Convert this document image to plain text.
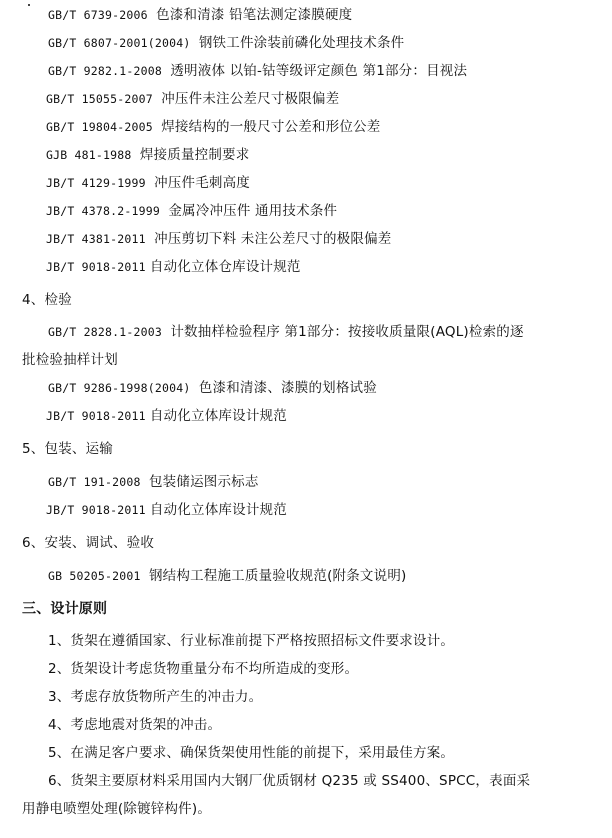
GB/T 6739-2006 色漆和清漆 铅笔法测定漆膜硬度
GB/T 6807-2001(2004) 钢铁工件涂装前磷化处理技术条件
GB/T 9282.1-2008 透明液体 以铂-钴等级评定颜色 第1部分：目视法
GB/T 15055-2007 冲压件未注公差尺寸极限偏差
GB/T 19804-2005 焊接结构的一般尺寸公差和形位公差
GJB 481-1988 焊接质量控制要求
JB/T 4129-1999 冲压件毛刺高度
JB/T 4378.2-1999 金属冷冲压件 通用技术条件
JB/T 4381-2011 冲压剪切下料 未注公差尺寸的极限偏差
JB/T 9018-2011 自动化立体仓库设计规范
4、检验
GB/T 2828.1-2003 计数抽样检验程序 第1部分：按接收质量限(AQL)检索的逐
批检验抽样计划
GB/T 9286-1998(2004) 色漆和清漆、漆膜的划格试验
JB/T 9018-2011 自动化立体库设计规范
5、包装、运输
GB/T 191-2008 包装储运图示标志
JB/T 9018-2011 自动化立体库设计规范
6、安装、调试、验收
GB 50205-2001 钢结构工程施工质量验收规范(附条文说明)
三、设计原则
1、货架在遵循国家、行业标准前提下严格按照招标文件要求设计。
2、货架设计考虑货物重量分布不均所造成的变形。
3、考虑存放货物所产生的冲击力。
4、考虑地震对货架的冲击。
5、在满足客户要求、确保货架使用性能的前提下，采用最佳方案。
6、货架主要原材料采用国内大钢厂优质钢材 Q235 或 SS400、SPCC，表面采
用静电喷塑处理(除镀锌构件)。
